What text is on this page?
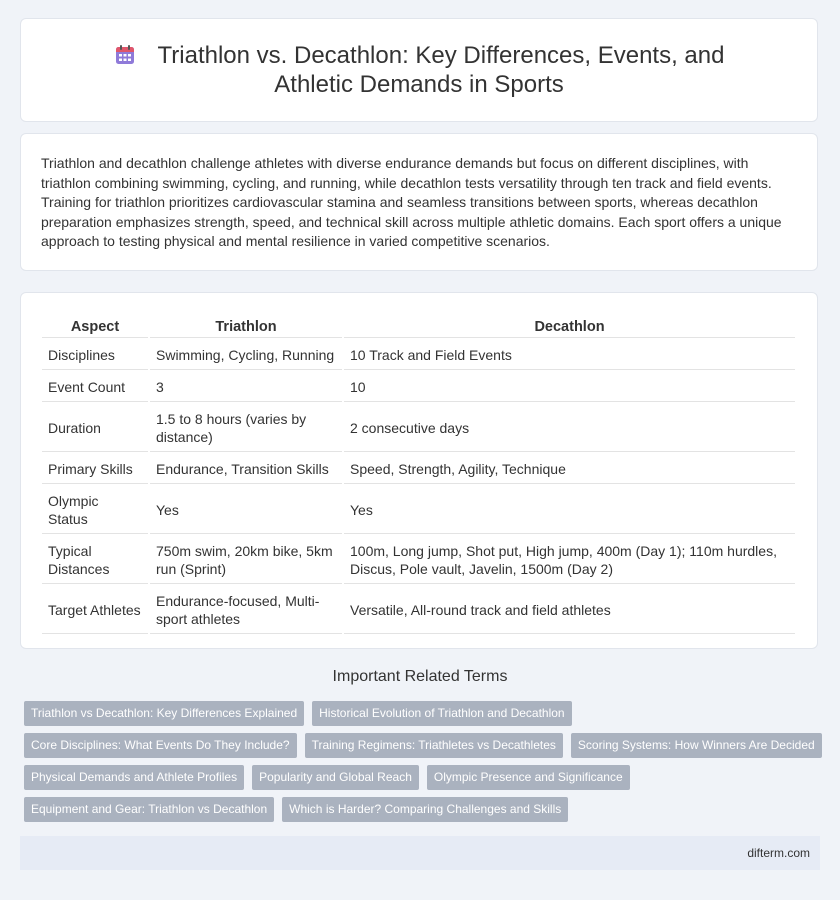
Triathlon vs. Decathlon: Key Differences, Events, and Athletic Demands in Sports

Triathlon and decathlon challenge athletes with diverse endurance demands but focus on different disciplines, with triathlon combining swimming, cycling, and running, while decathlon tests versatility through ten track and field events. Training for triathlon prioritizes cardiovascular stamina and seamless transitions between sports, whereas decathlon preparation emphasizes strength, speed, and technical skill across multiple athletic domains. Each sport offers a unique approach to testing physical and mental resilience in varied competitive scenarios.

Aspect	Triathlon	Decathlon
Disciplines	Swimming, Cycling, Running	10 Track and Field Events
Event Count	3	10
Duration	1.5 to 8 hours (varies by distance)	2 consecutive days
Primary Skills	Endurance, Transition Skills	Speed, Strength, Agility, Technique
Olympic Status	Yes	Yes
Typical Distances	750m swim, 20km bike, 5km run (Sprint)	100m, Long jump, Shot put, High jump, 400m (Day 1); 110m hurdles, Discus, Pole vault, Javelin, 1500m (Day 2)
Target Athletes	Endurance-focused, Multi-sport athletes	Versatile, All-round track and field athletes
Important Related Terms
Triathlon vs Decathlon: Key Differences Explained	Historical Evolution of Triathlon and Decathlon
Core Disciplines: What Events Do They Include?	Training Regimens: Triathletes vs Decathletes	Scoring Systems: How Winners Are Decided
Physical Demands and Athlete Profiles	Popularity and Global Reach	Olympic Presence and Significance
Equipment and Gear: Triathlon vs Decathlon	Which is Harder? Comparing Challenges and Skills
difterm.com
